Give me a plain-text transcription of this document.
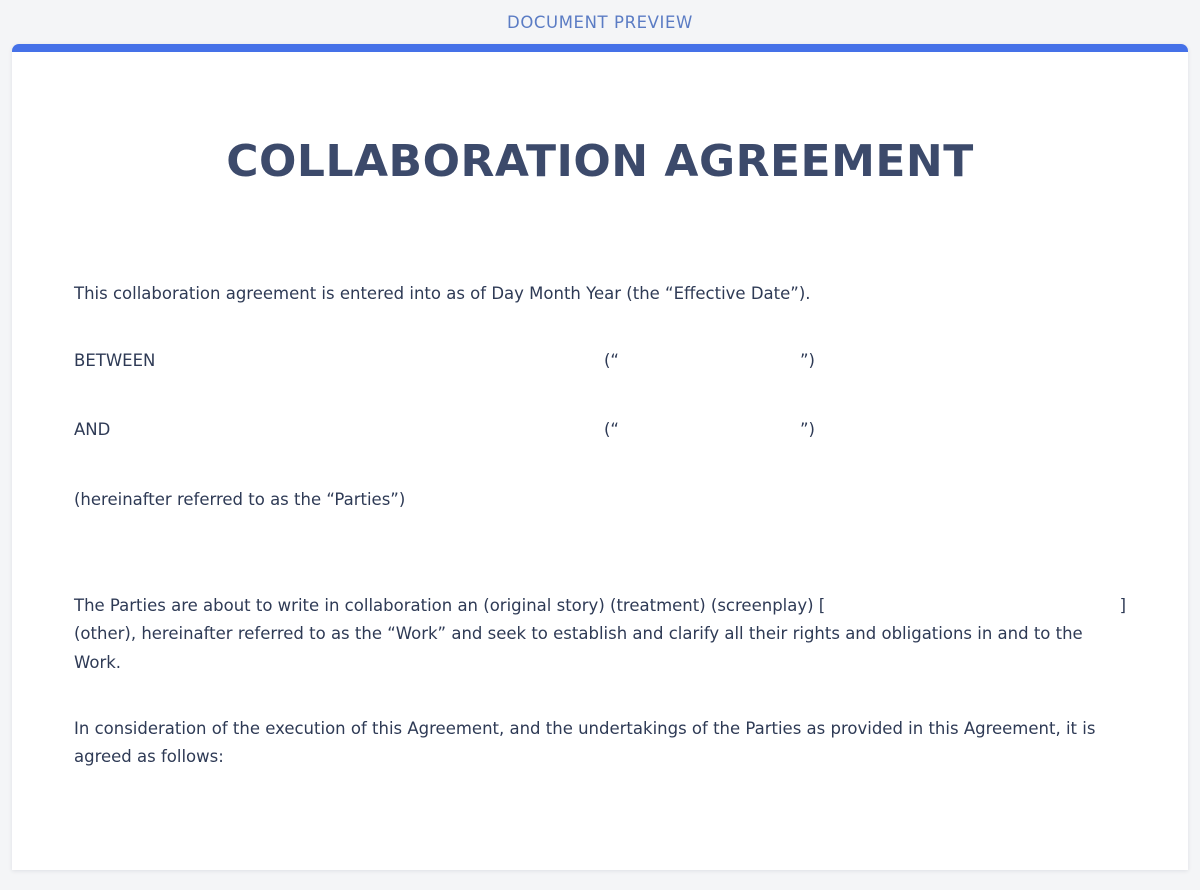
DOCUMENT PREVIEW
COLLABORATION AGREEMENT

This collaboration agreement is entered into as of Day Month Year (the “Effective Date”).

BETWEEN	(“	”)
AND	(“	”)

(hereinafter referred to as the “Parties”)

The Parties are about to write in collaboration an (original story) (treatment) (screenplay) [	]

(other), hereinafter referred to as the “Work” and seek to establish and clarify all their rights and obligations in and to the

Work.

In consideration of the execution of this Agreement, and the undertakings of the Parties as provided in this Agreement, it is

agreed as follows:
